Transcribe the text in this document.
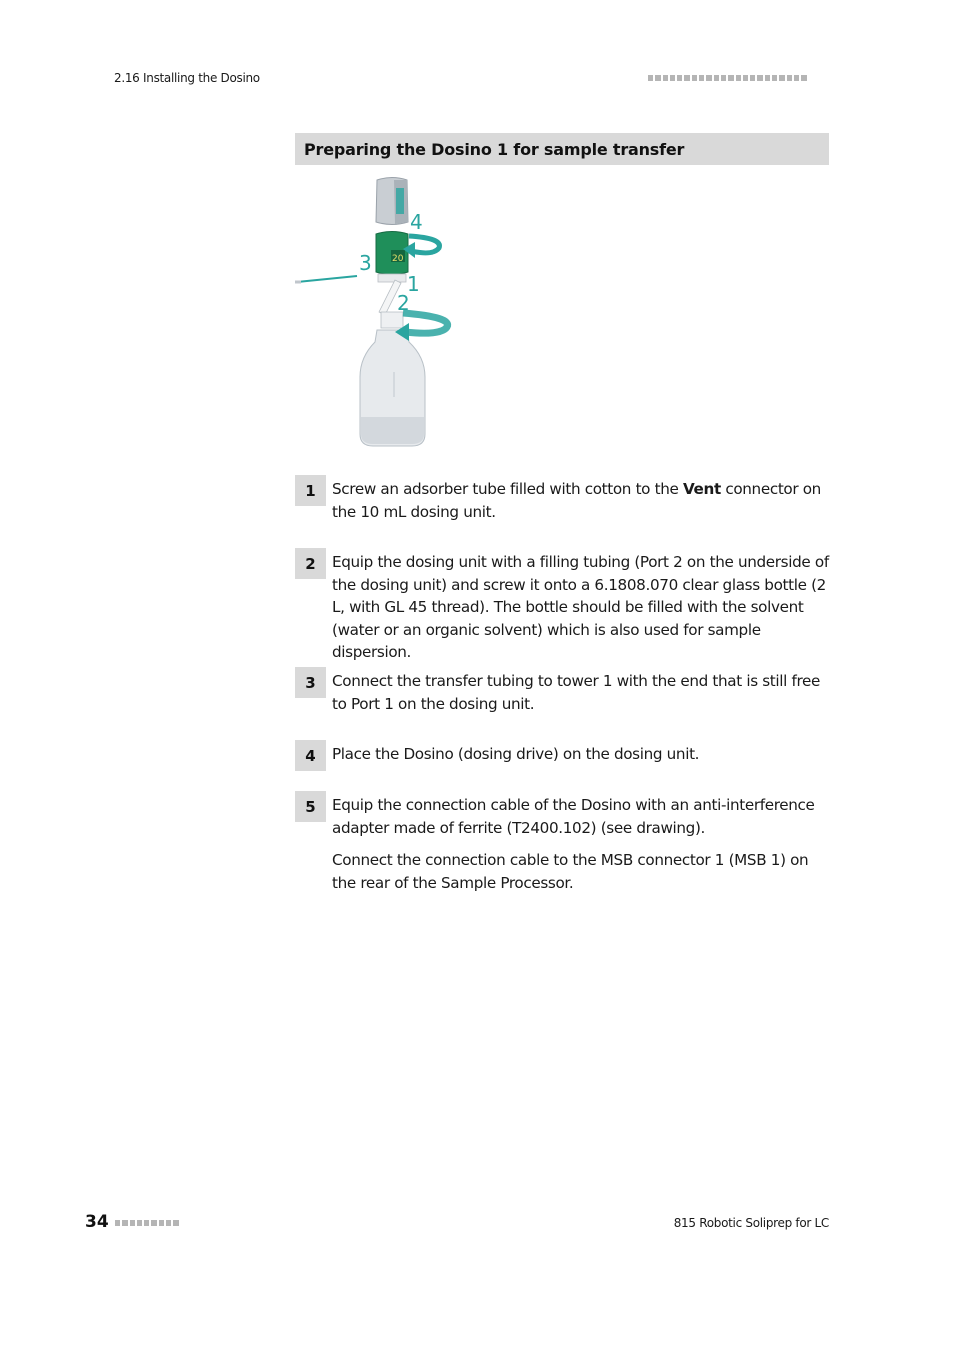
2.16 Installing the Dosino
Preparing the Dosino 1 for sample transfer
20
4
3
1
2
1	Screw an adsorber tube filled with cotton to the Vent connector on the 10 mL dosing unit.
2	Equip the dosing unit with a filling tubing (Port 2 on the underside of the dosing unit) and screw it onto a 6.1808.070 clear glass bottle (2 L, with GL 45 thread). The bottle should be filled with the solvent (water or an organic solvent) which is also used for sample dispersion.
3	Connect the transfer tubing to tower 1 with the end that is still free to Port 1 on the dosing unit.
4	Place the Dosino (dosing drive) on the dosing unit.
5	Equip the connection cable of the Dosino with an anti-interference adapter made of ferrite (T2400.102) (see drawing).
Connect the connection cable to the MSB connector 1 (MSB 1) on the rear of the Sample Processor.
34	815 Robotic Soliprep for LC
